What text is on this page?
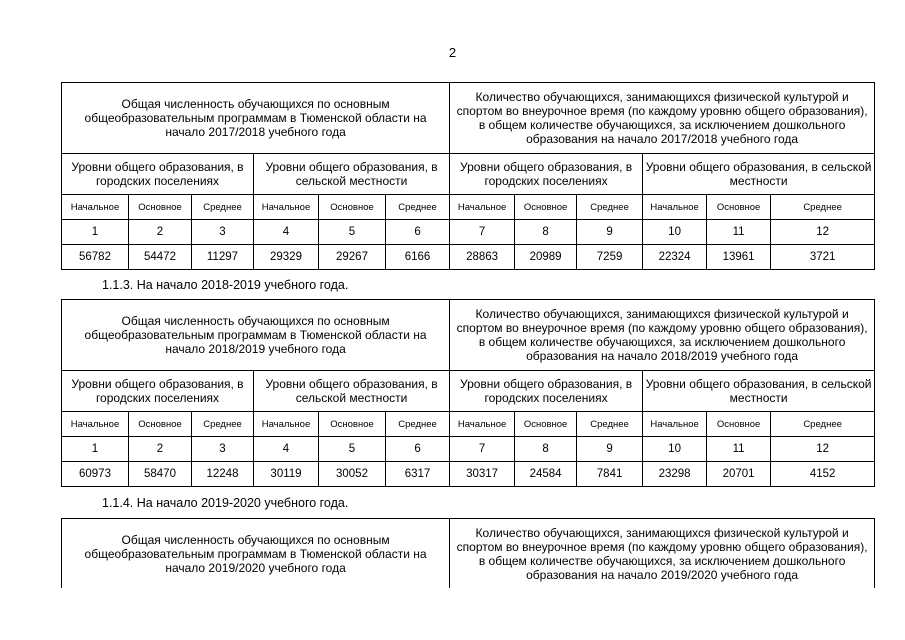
2
Общая численность обучающихся по основным общеобразовательным программам в Тюменской области на начало 2017/2018 учебного года						Количество обучающихся, занимающихся физической культурой и спортом во внеурочное время (по каждому уровню общего образования), в общем количестве обучающихся, за исключением дошкольного образования на начало 2017/2018 учебного года					
Уровни общего образования, в городских поселениях			Уровни общего образования, в сельской местности			Уровни общего образования, в городских поселениях			Уровни общего образования, в сельской местности		
Начальное	Основное	Среднее	Начальное	Основное	Среднее	Начальное	Основное	Среднее	Начальное	Основное	Среднее
1	2	3	4	5	6	7	8	9	10	11	12
56782	54472	11297	29329	29267	6166	28863	20989	7259	22324	13961	3721
1.1.3. На начало 2018-2019 учебного года.
Общая численность обучающихся по основным общеобразовательным программам в Тюменской области на начало 2018/2019 учебного года						Количество обучающихся, занимающихся физической культурой и спортом во внеурочное время (по каждому уровню общего образования), в общем количестве обучающихся, за исключением дошкольного образования на начало 2018/2019 учебного года					
Уровни общего образования, в городских поселениях			Уровни общего образования, в сельской местности			Уровни общего образования, в городских поселениях			Уровни общего образования, в сельской местности		
Начальное	Основное	Среднее	Начальное	Основное	Среднее	Начальное	Основное	Среднее	Начальное	Основное	Среднее
1	2	3	4	5	6	7	8	9	10	11	12
60973	58470	12248	30119	30052	6317	30317	24584	7841	23298	20701	4152
1.1.4. На начало 2019-2020 учебного года.
Общая численность обучающихся по основным общеобразовательным программам в Тюменской области на начало 2019/2020 учебного года	Количество обучающихся, занимающихся физической культурой и спортом во внеурочное время (по каждому уровню общего образования), в общем количестве обучающихся, за исключением дошкольного образования на начало 2019/2020 учебного года
